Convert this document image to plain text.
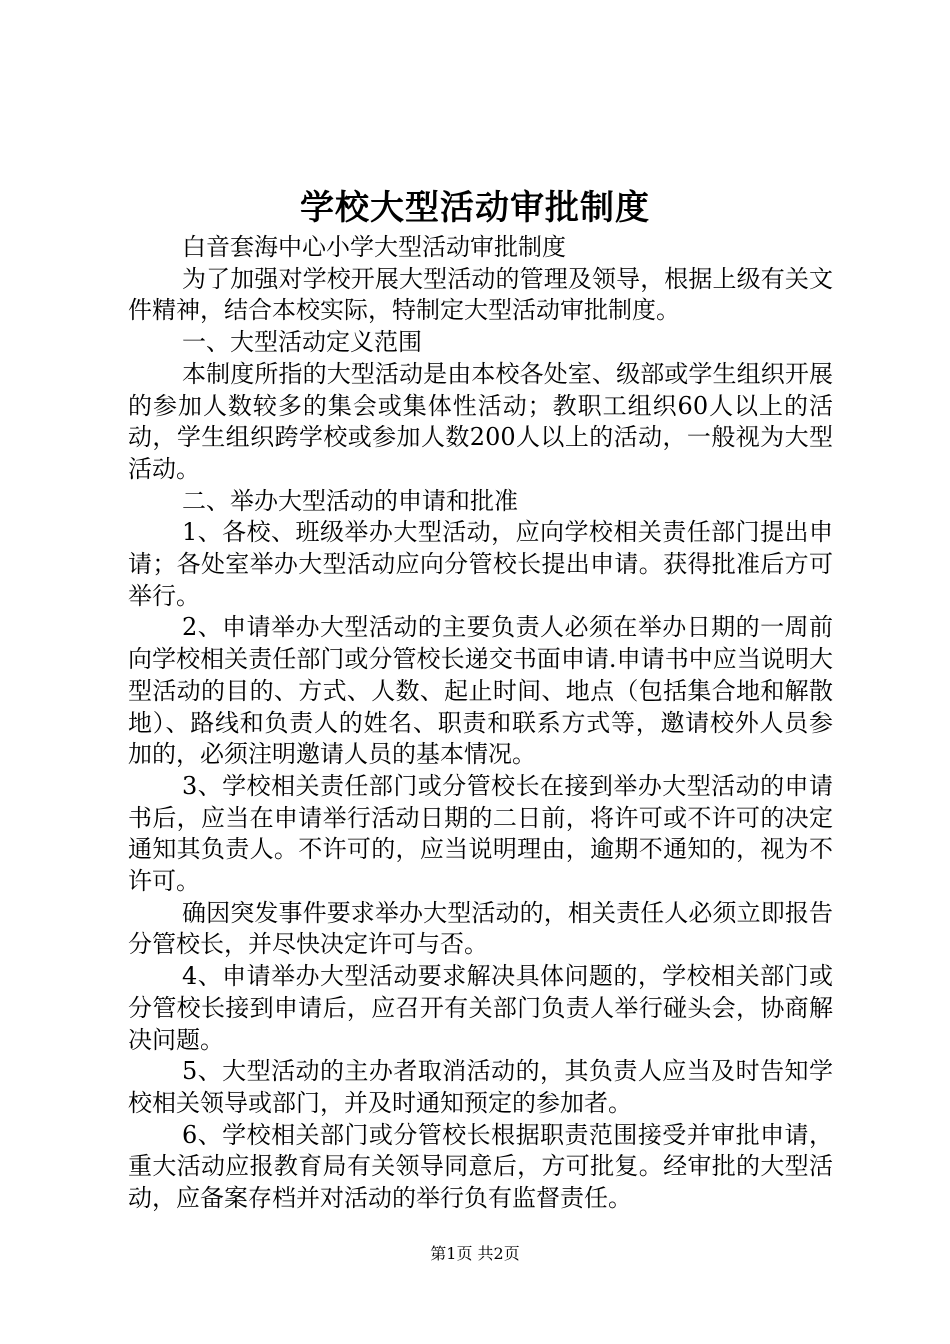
学校大型活动审批制度

白音套海中心小学大型活动审批制度

为了加强对学校开展大型活动的管理及领导，根据上级有关文件精神，结合本校实际，特制定大型活动审批制度。

一、大型活动定义范围

本制度所指的大型活动是由本校各处室、级部或学生组织开展的参加人数较多的集会或集体性活动；教职工组织60人以上的活动，学生组织跨学校或参加人数200人以上的活动，一般视为大型活动。

二、举办大型活动的申请和批准

1、各校、班级举办大型活动，应向学校相关责任部门提出申请；各处室举办大型活动应向分管校长提出申请。获得批准后方可举行。

2、申请举办大型活动的主要负责人必须在举办日期的一周前向学校相关责任部门或分管校长递交书面申请.申请书中应当说明大型活动的目的、方式、人数、起止时间、地点（包括集合地和解散地）、路线和负责人的姓名、职责和联系方式等，邀请校外人员参加的，必须注明邀请人员的基本情况。

3、学校相关责任部门或分管校长在接到举办大型活动的申请书后，应当在申请举行活动日期的二日前，将许可或不许可的决定通知其负责人。不许可的，应当说明理由，逾期不通知的，视为不许可。

确因突发事件要求举办大型活动的，相关责任人必须立即报告分管校长，并尽快决定许可与否。

4、申请举办大型活动要求解决具体问题的，学校相关部门或分管校长接到申请后，应召开有关部门负责人举行碰头会，协商解决问题。

5、大型活动的主办者取消活动的，其负责人应当及时告知学校相关领导或部门，并及时通知预定的参加者。

6、学校相关部门或分管校长根据职责范围接受并审批申请，重大活动应报教育局有关领导同意后，方可批复。经审批的大型活动，应备案存档并对活动的举行负有监督责任。

第1页 共2页
